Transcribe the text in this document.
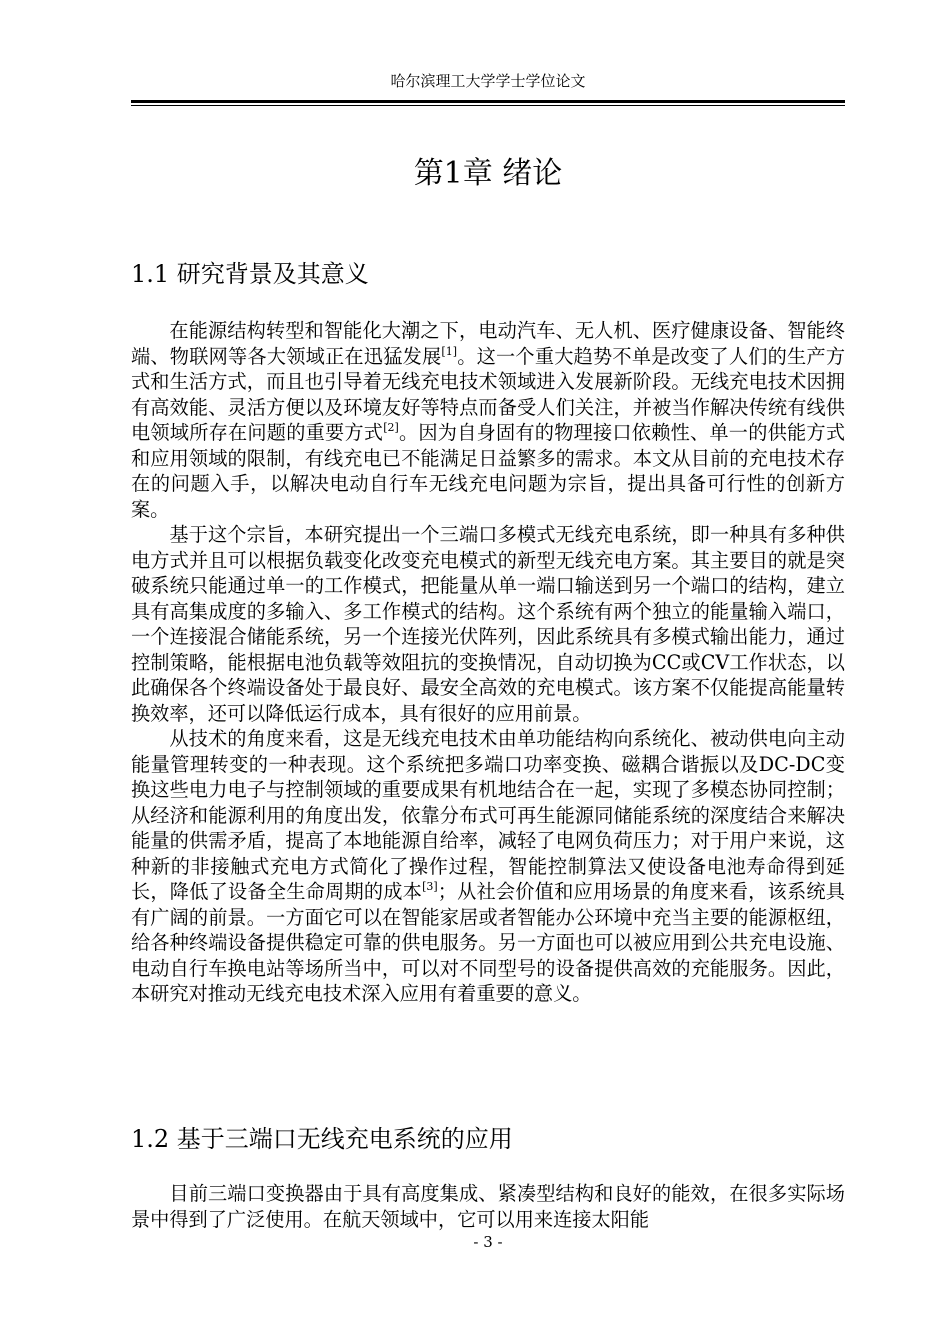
哈尔滨理工大学学士学位论文
第1章 绪论
1.1 研究背景及其意义

在能源结构转型和智能化大潮之下，电动汽车、无人机、医疗健康设备、智能终端、物联网等各大领域正在迅猛发展[1]。这一个重大趋势不单是改变了人们的生产方式和生活方式，而且也引导着无线充电技术领域进入发展新阶段。无线充电技术因拥有高效能、灵活方便以及环境友好等特点而备受人们关注，并被当作解决传统有线供电领域所存在问题的重要方式[2]。因为自身固有的物理接口依赖性、单一的供能方式和应用领域的限制，有线充电已不能满足日益繁多的需求。本文从目前的充电技术存在的问题入手，以解决电动自行车无线充电问题为宗旨，提出具备可行性的创新方案。

基于这个宗旨，本研究提出一个三端口多模式无线充电系统，即一种具有多种供电方式并且可以根据负载变化改变充电模式的新型无线充电方案。其主要目的就是突破系统只能通过单一的工作模式，把能量从单一端口输送到另一个端口的结构，建立具有高集成度的多输入、多工作模式的结构。这个系统有两个独立的能量输入端口，一个连接混合储能系统，另一个连接光伏阵列，因此系统具有多模式输出能力，通过控制策略，能根据电池负载等效阻抗的变换情况，自动切换为CC或CV工作状态，以此确保各个终端设备处于最良好、最安全高效的充电模式。该方案不仅能提高能量转换效率，还可以降低运行成本，具有很好的应用前景。

从技术的角度来看，这是无线充电技术由单功能结构向系统化、被动供电向主动能量管理转变的一种表现。这个系统把多端口功率变换、磁耦合谐振以及DC-DC变换这些电力电子与控制领域的重要成果有机地结合在一起，实现了多模态协同控制；从经济和能源利用的角度出发，依靠分布式可再生能源同储能系统的深度结合来解决能量的供需矛盾，提高了本地能源自给率，减轻了电网负荷压力；对于用户来说，这种新的非接触式充电方式简化了操作过程，智能控制算法又使设备电池寿命得到延长，降低了设备全生命周期的成本[3]；从社会价值和应用场景的角度来看，该系统具有广阔的前景。一方面它可以在智能家居或者智能办公环境中充当主要的能源枢纽，给各种终端设备提供稳定可靠的供电服务。另一方面也可以被应用到公共充电设施、电动自行车换电站等场所当中，可以对不同型号的设备提供高效的充能服务。因此，本研究对推动无线充电技术深入应用有着重要的意义。

1.2 基于三端口无线充电系统的应用

目前三端口变换器由于具有高度集成、紧凑型结构和良好的能效，在很多实际场景中得到了广泛使用。在航天领域中，它可以用来连接太阳能

- 3 -
